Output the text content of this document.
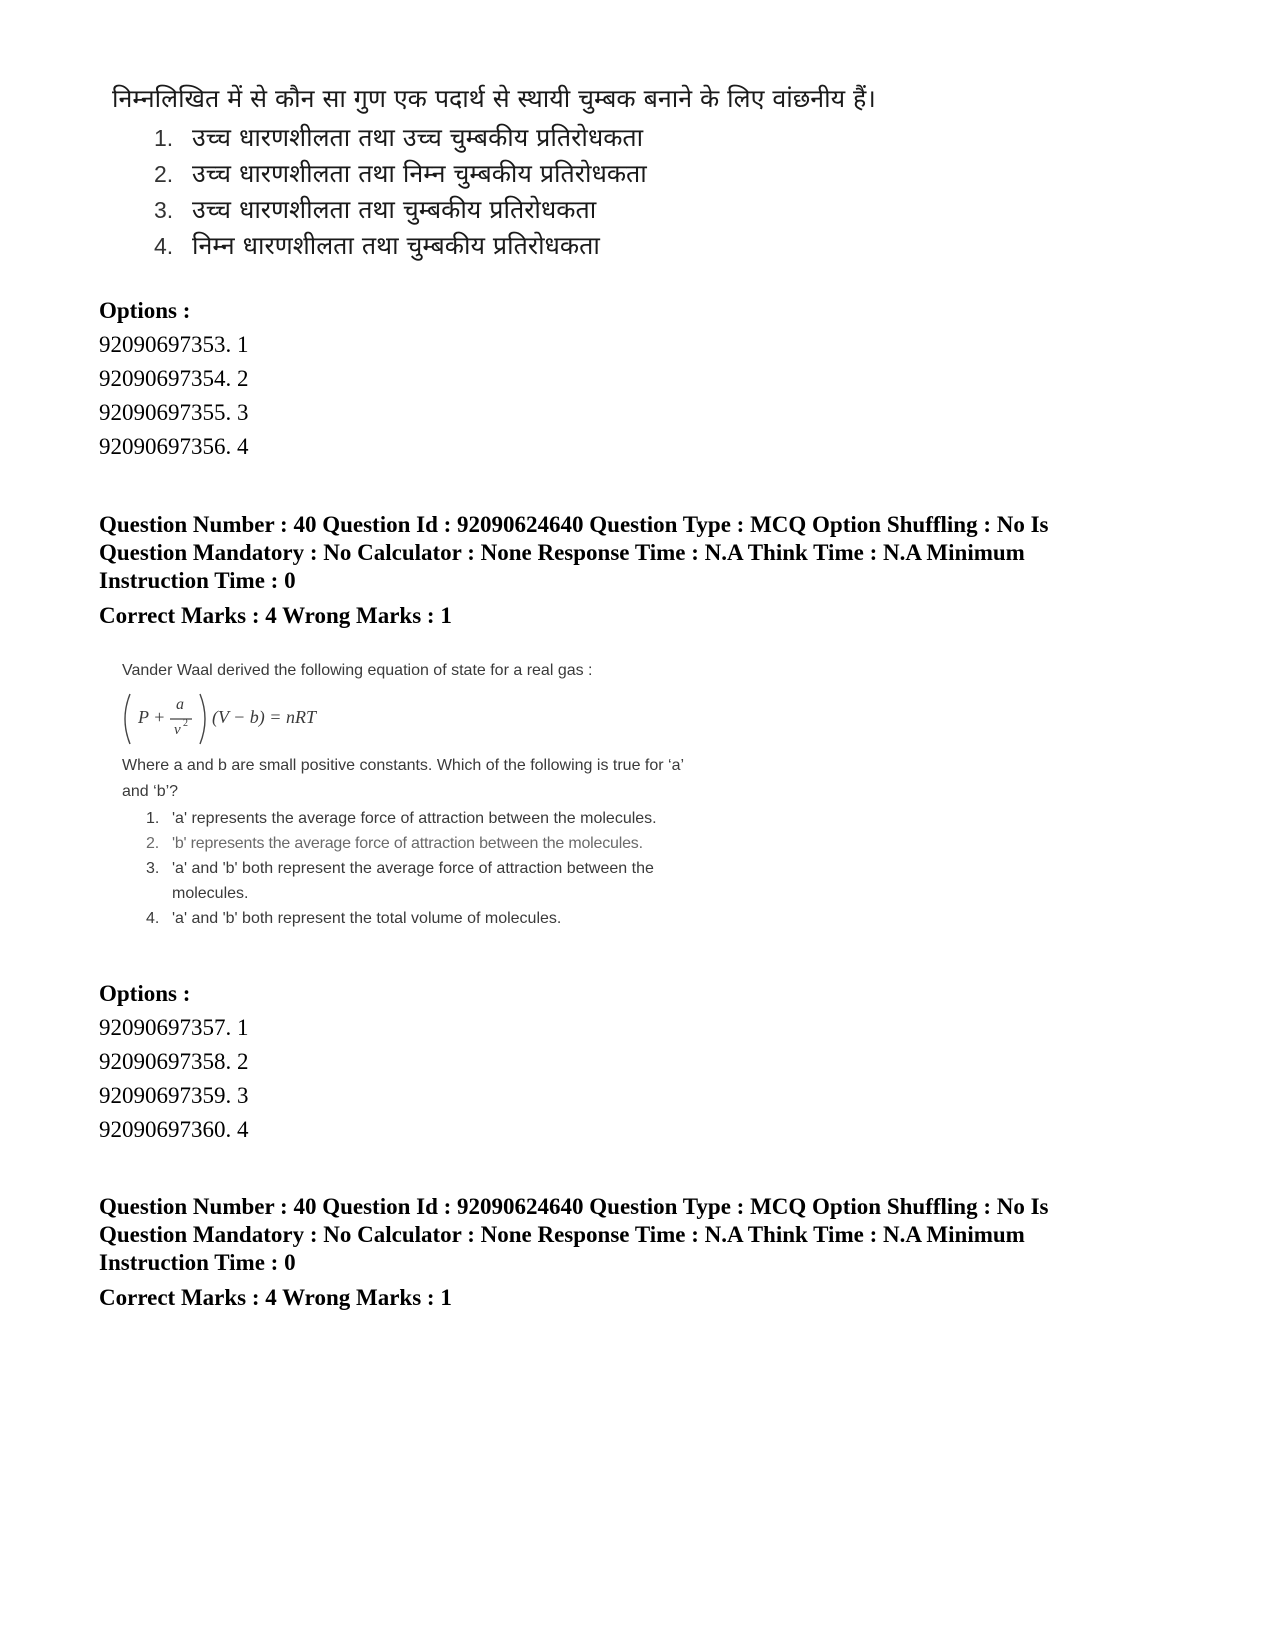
निम्नलिखित में से कौन सा गुण एक पदार्थ से स्थायी चुम्बक बनाने के लिए वांछनीय हैं।

1. उच्च धारणशीलता तथा उच्च चुम्बकीय प्रतिरोधकता
2. उच्च धारणशीलता तथा निम्न चुम्बकीय प्रतिरोधकता
3. उच्च धारणशीलता तथा चुम्बकीय प्रतिरोधकता
4. निम्न धारणशीलता तथा चुम्बकीय प्रतिरोधकता
Options :
92090697353. 1
92090697354. 2
92090697355. 3
92090697356. 4
Question Number : 40 Question Id : 92090624640 Question Type : MCQ Option Shuffling : No Is
Question Mandatory : No Calculator : None Response Time : N.A Think Time : N.A Minimum
Instruction Time : 0
Correct Marks : 4 Wrong Marks : 1
Vander Waal derived the following equation of state for a real gas :
P +
a
v 2 (V − b) = nRT
Where a and b are small positive constants. Which of the following is true for ‘a’
and ‘b’?
1. 'a' represents the average force of attraction between the molecules.
2. 'b' represents the average force of attraction between the molecules.
3. 'a' and 'b' both represent the average force of attraction between the
molecules.
4. 'a' and 'b' both represent the total volume of molecules.
Options :
92090697357. 1
92090697358. 2
92090697359. 3
92090697360. 4
Question Number : 40 Question Id : 92090624640 Question Type : MCQ Option Shuffling : No Is
Question Mandatory : No Calculator : None Response Time : N.A Think Time : N.A Minimum
Instruction Time : 0
Correct Marks : 4 Wrong Marks : 1
